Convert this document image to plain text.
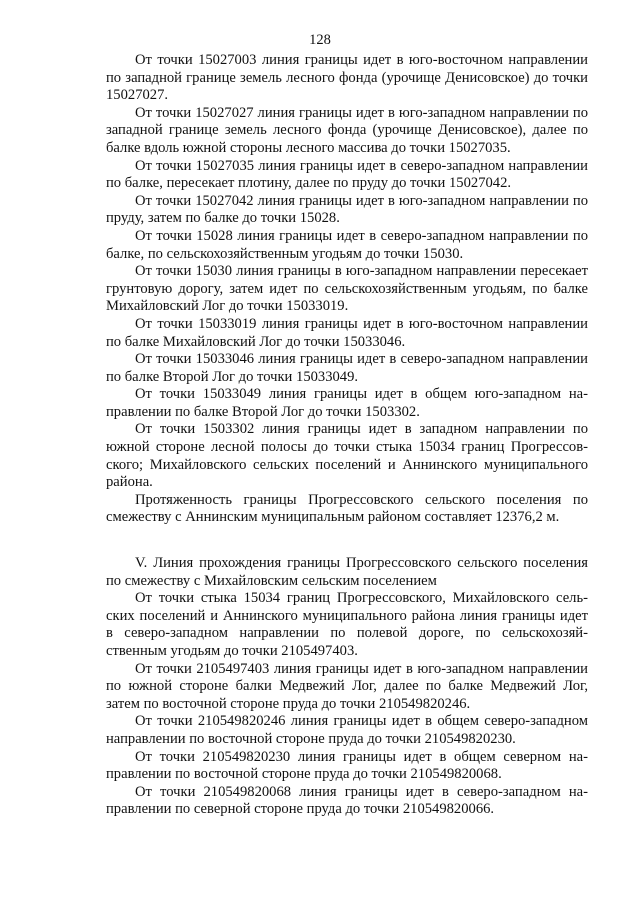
128

От точки 15027003 линия границы идет в юго-восточном направлении по западной границе земель лесного фонда (урочище Денисовское) до точки 15027027.

От точки 15027027 линия границы идет в юго-западном направлении по западной границе земель лесного фонда (урочище Денисовское), далее по балке вдоль южной стороны лесного массива до точки 15027035.

От точки 15027035 линия границы идет в северо-западном направлении по балке, пересекает плотину, далее по пруду до точки 15027042.

От точки 15027042 линия границы идет в юго-западном направлении по пруду, затем по балке до точки 15028.

От точки 15028 линия границы идет в северо-западном направлении по балке, по сельскохозяйственным угодьям до точки 15030.

От точки 15030 линия границы в юго-западном направлении пересекает грунтовую дорогу, затем идет по сельскохозяйственным угодьям, по балке Михайловский Лог до точки 15033019.

От точки 15033019 линия границы идет в юго-восточном направлении по балке Михайловский Лог до точки 15033046.

От точки 15033046 линия границы идет в северо-западном направлении по балке Второй Лог до точки 15033049.

От точки 15033049 линия границы идет в общем юго-западном направлении по балке Второй Лог до точки 1503302.

От точки 1503302 линия границы идет в западном направлении по южной стороне лесной полосы до точки стыка 15034 границ Прогрессовского; Михайловского сельских поселений и Аннинского муниципального района.

Протяженность границы Прогрессовского сельского поселения по смежеству с Аннинским муниципальным районом составляет 12376,2 м.

V. Линия прохождения границы Прогрессовского сельского поселения по смежеству с Михайловским сельским поселением

От точки стыка 15034 границ Прогрессовского, Михайловского сельских поселений и Аннинского муниципального района линия границы идет в северо-западном направлении по полевой дороге, по сельскохозяйственным угодьям до точки 2105497403.

От точки 2105497403 линия границы идет в юго-западном направлении по южной стороне балки Медвежий Лог, далее по балке Медвежий Лог, затем по восточной стороне пруда до точки 210549820246.

От точки 210549820246 линия границы идет в общем северо-западном направлении по восточной стороне пруда до точки 210549820230.

От точки 210549820230 линия границы идет в общем северном направлении по восточной стороне пруда до точки 210549820068.

От точки 210549820068 линия границы идет в северо-западном направлении по северной стороне пруда до точки 210549820066.
